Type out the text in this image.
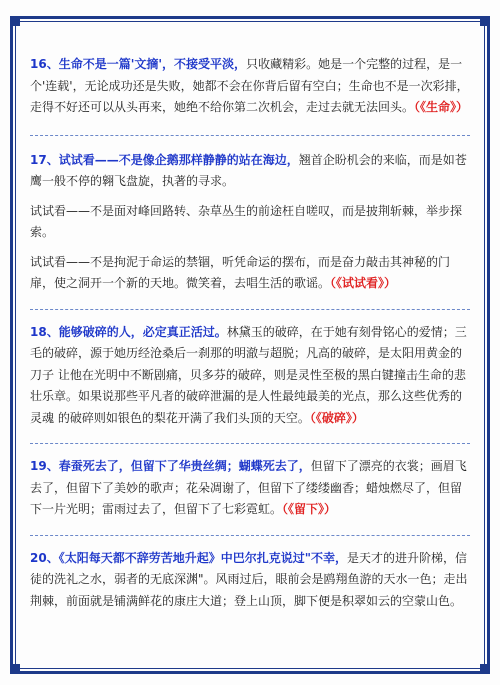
16、生命不是一篇'文摘'，不接受平淡，只收藏精彩。她是一个完整的过程，是一个'连载'，无论成功还是失败，她都不会在你背后留有空白；生命也不是一次彩排，走得不好还可以从头再来，她绝不给你第二次机会，走过去就无法回头。（《生命》）

17、试试看——不是像企鹅那样静静的站在海边，翘首企盼机会的来临，而是如苍鹰一般不停的翱飞盘旋，执著的寻求。

试试看——不是面对峰回路转、杂草丛生的前途枉自嗟叹，而是披荆斩棘，举步探索。

试试看——不是拘泥于命运的禁锢，听凭命运的摆布，而是奋力敲击其神秘的门扉，使之洞开一个新的天地。微笑着，去唱生活的歌谣。（《试试看》）

18、能够破碎的人，必定真正活过。林黛玉的破碎，在于她有刻骨铭心的爱情；三毛的破碎，源于她历经沧桑后一刹那的明澈与超脱；凡高的破碎，是太阳用黄金的刀子 让他在光明中不断剧痛，贝多芬的破碎，则是灵性至极的黑白键撞击生命的悲壮乐章。如果说那些平凡者的破碎泄漏的是人性最纯最美的光点，那么这些优秀的灵魂 的破碎则如银色的梨花开满了我们头顶的天空。（《破碎》）

19、春蚕死去了，但留下了华贵丝绸；蝴蝶死去了，但留下了漂亮的衣裳；画眉飞去了，但留下了美妙的歌声；花朵凋谢了，但留下了缕缕幽香；蜡烛燃尽了，但留下一片光明；雷雨过去了，但留下了七彩霓虹。（《留下》）

20、《太阳每天都不辞劳苦地升起》中巴尔扎克说过"不幸，是天才的进升阶梯，信徒的洗礼之水，弱者的无底深渊"。风雨过后，眼前会是鸥翔鱼游的天水一色；走出荆棘，前面就是铺满鲜花的康庄大道；登上山顶，脚下便是积翠如云的空蒙山色。
